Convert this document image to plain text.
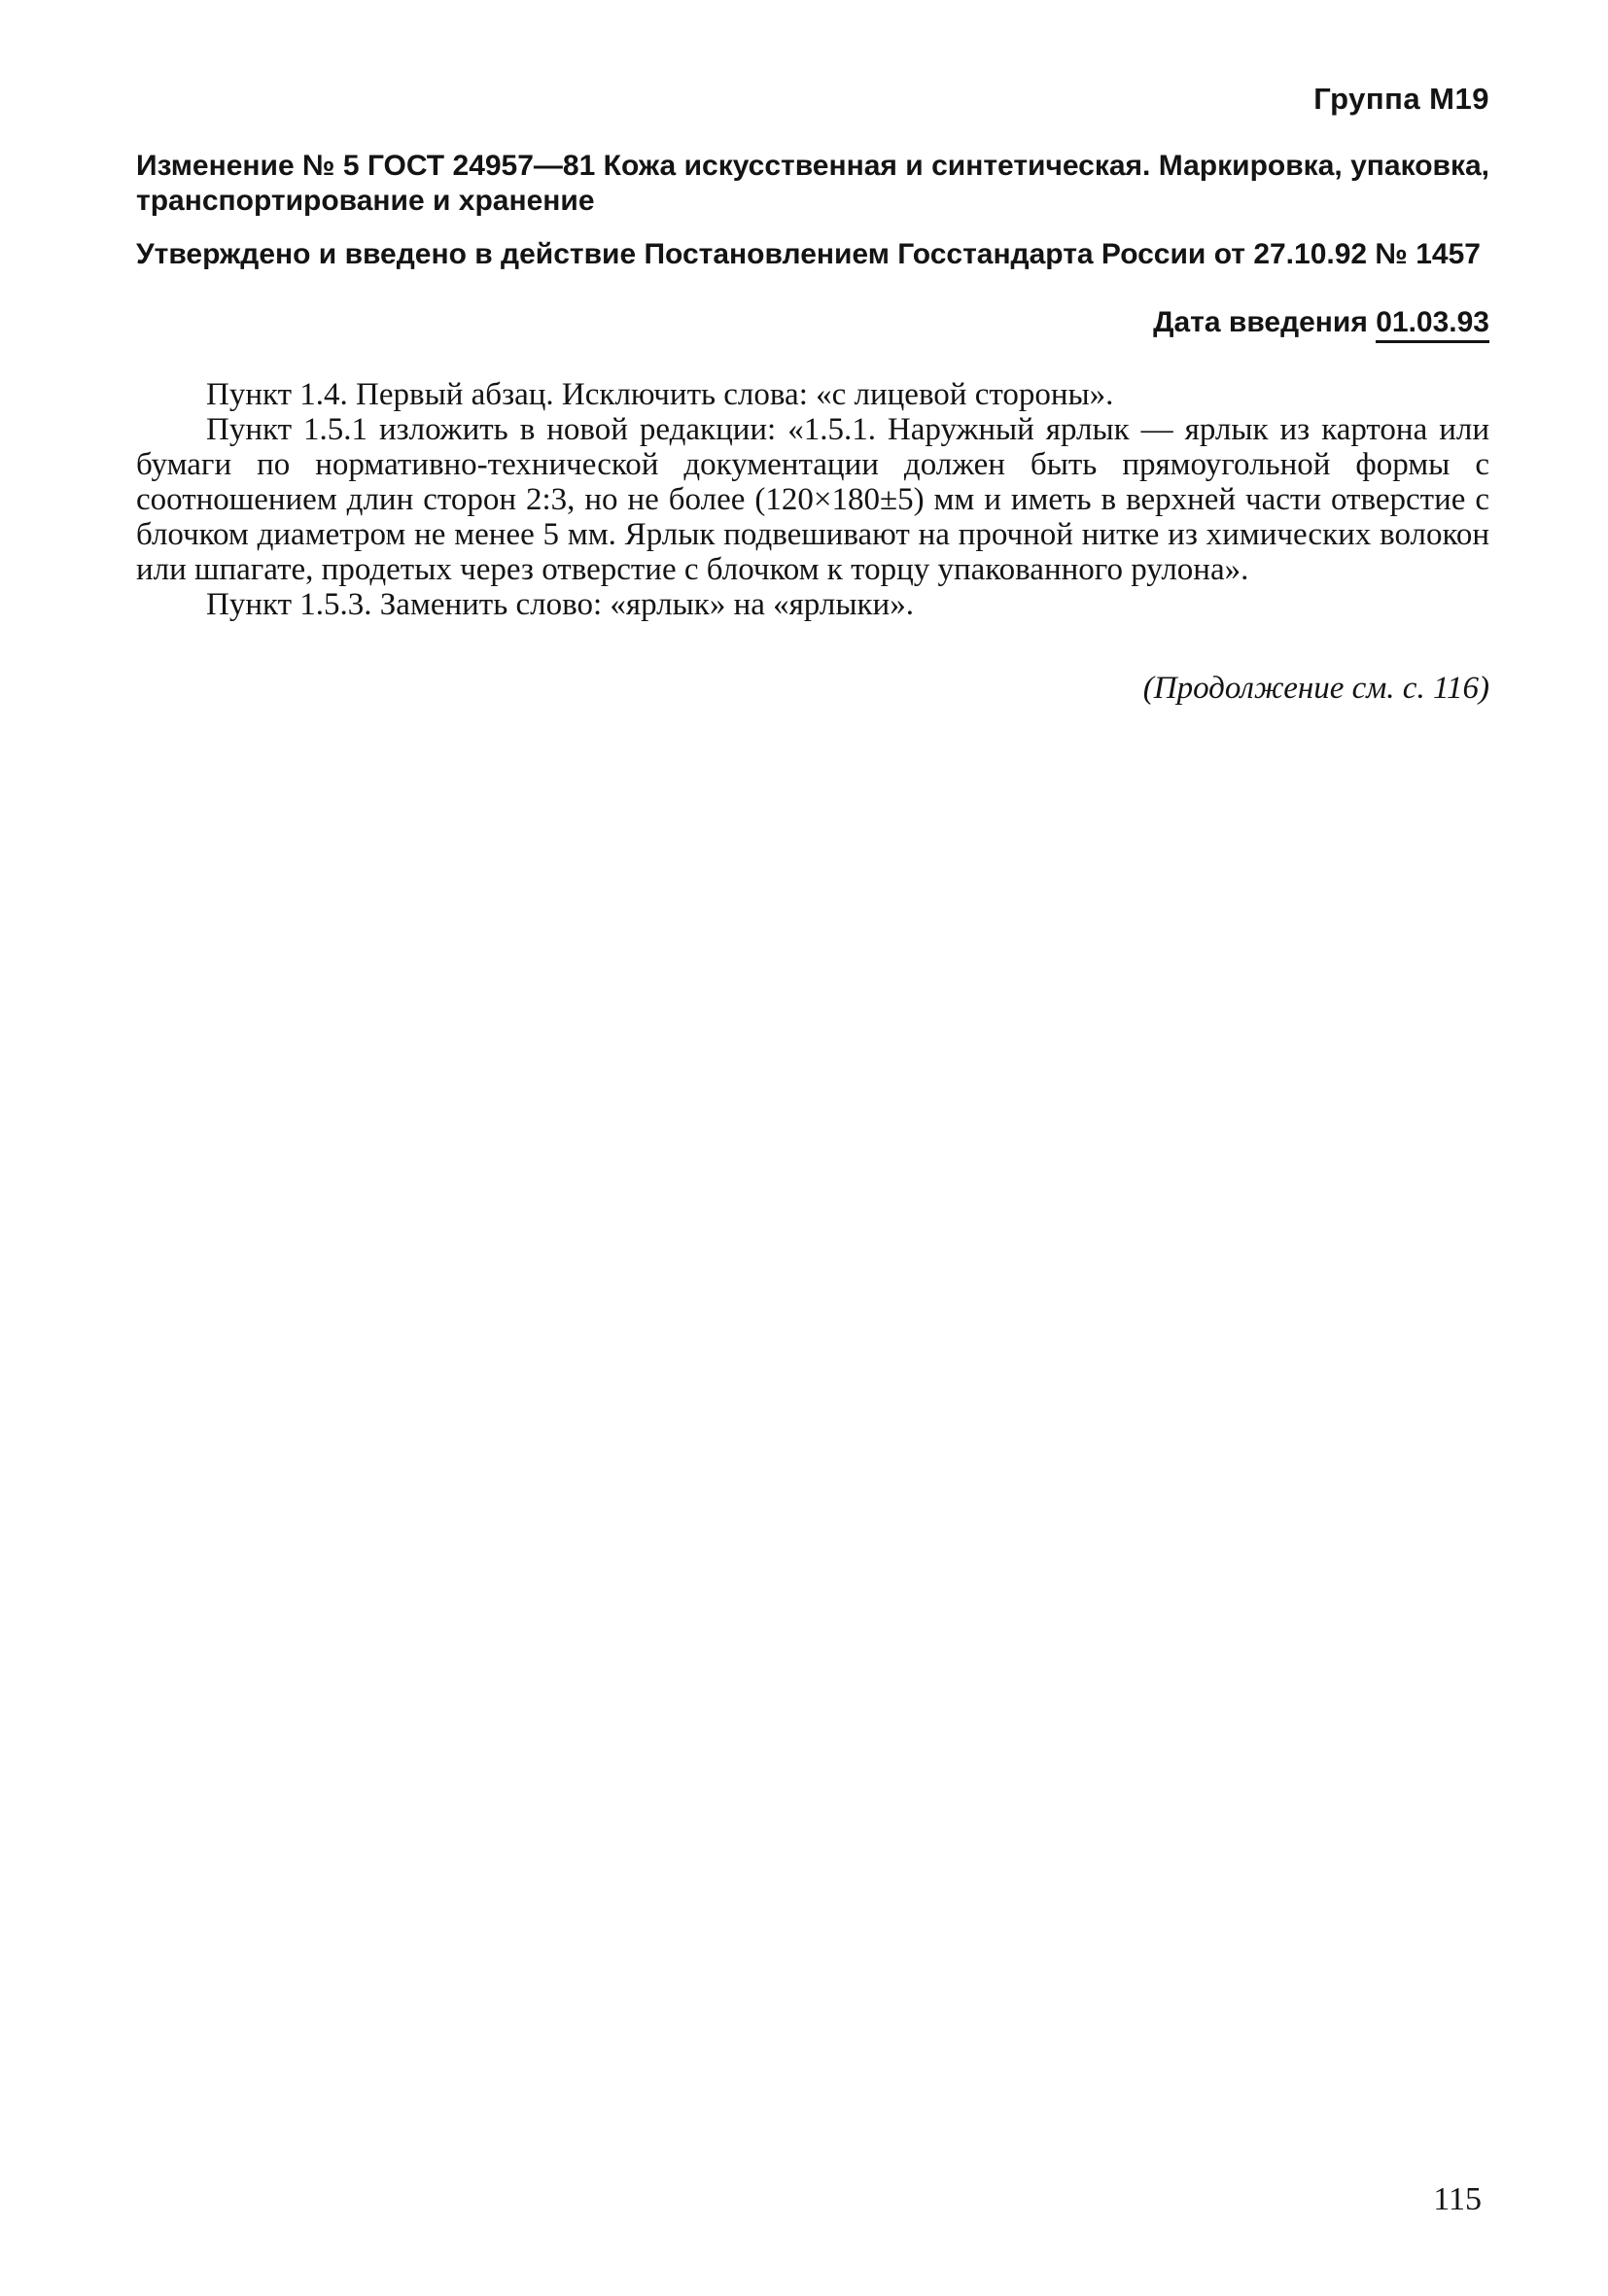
Группа М19
Изменение № 5 ГОСТ 24957—81 Кожа искусственная и синтетическая. Маркировка, упаковка, транспортирование и хранение
Утверждено и введено в действие Постановлением Госстандарта России от 27.10.92 № 1457
Дата введения 01.03.93

Пункт 1.4. Первый абзац. Исключить слова: «с лицевой стороны».

Пункт 1.5.1 изложить в новой редакции: «1.5.1. Наружный ярлык — ярлык из картона или бумаги по нормативно-технической документации должен быть прямоугольной формы с соотношением длин сторон 2:3, но не более (120×180±5) мм и иметь в верхней части отверстие с блочком диаметром не менее 5 мм. Ярлык подвешивают на прочной нитке из химических волокон или шпагате, продетых через отверстие с блочком к торцу упакованного рулона».

Пункт 1.5.3. Заменить слово: «ярлык» на «ярлыки».

(Продолжение см. с. 116)
115
